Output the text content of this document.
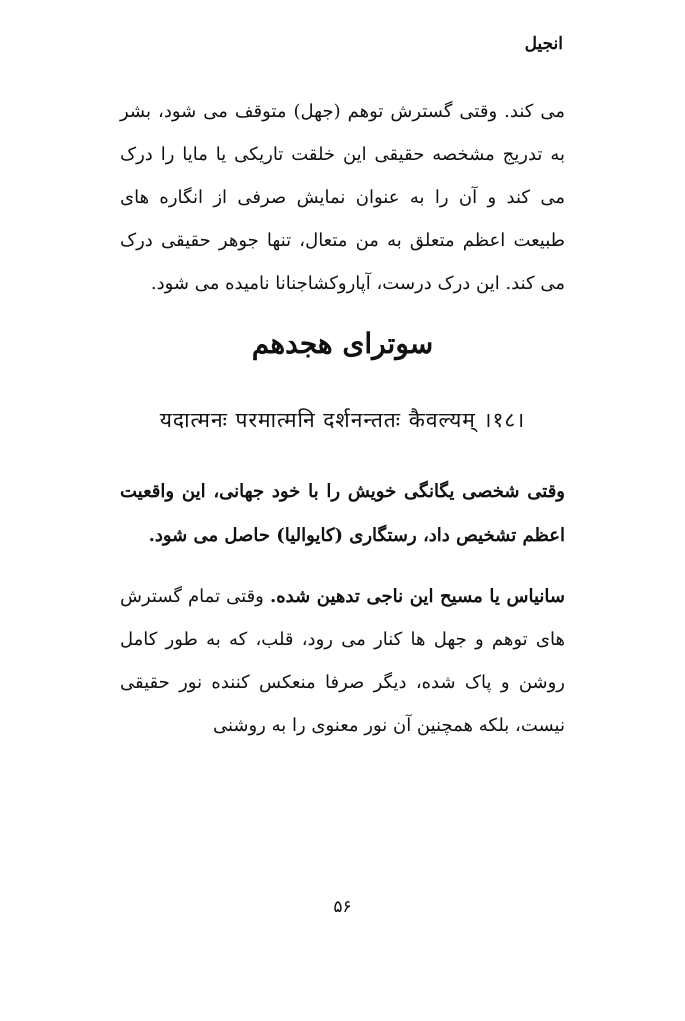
انجیل
می کند. وقتی گسترش توهم (جهل) متوقف می شود، بشر به تدریج مشخصه حقیقی این خلقت تاریکی یا مایا را درک می کند و آن را به عنوان نمایش صرفی از انگاره های طبیعت اعظم متعلق به من متعال، تنها جوهر حقیقی درک می کند. این درک درست، آپاروکشاجنانا نامیده می شود.
سوترای هجدهم
यदात्मनः परमात्मनि दर्शनन्ततः कैवल्यम् ।१८।
وقتی شخصی یگانگی خویش را با خود جهانی، این واقعیت اعظم تشخیص داد، رستگاری (کایوالیا) حاصل می شود.
سانیاس یا مسیح این ناجی تدهین شده. وقتی تمام گسترش های توهم و جهل ها کنار می رود، قلب، که به طور کامل روشن و پاک شده، دیگر صرفا منعکس کننده نور حقیقی نیست، بلکه همچنین آن نور معنوی را به روشنی
۵۶
